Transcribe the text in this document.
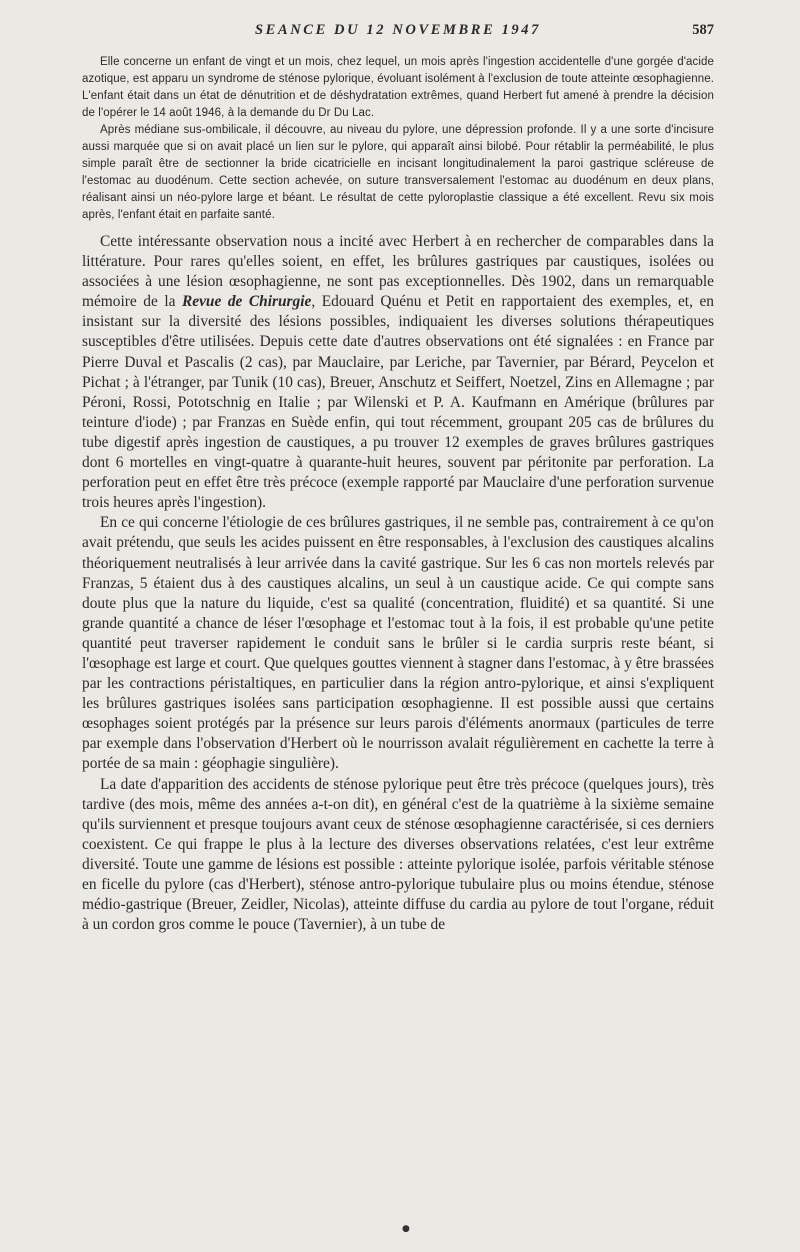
SEANCE DU 12 NOVEMBRE 1947	587

Elle concerne un enfant de vingt et un mois, chez lequel, un mois après l'ingestion accidentelle d'une gorgée d'acide azotique, est apparu un syndrome de sténose pylorique, évoluant isolément à l'exclusion de toute atteinte œsophagienne. L'enfant était dans un état de dénutrition et de déshydratation extrêmes, quand Herbert fut amené à prendre la décision de l'opérer le 14 août 1946, à la demande du Dr Du Lac.

Après médiane sus-ombilicale, il découvre, au niveau du pylore, une dépression profonde. Il y a une sorte d'incisure aussi marquée que si on avait placé un lien sur le pylore, qui apparaît ainsi bilobé. Pour rétablir la perméabilité, le plus simple paraît être de sectionner la bride cicatricielle en incisant longitudinalement la paroi gastrique scléreuse de l'estomac au duodénum. Cette section achevée, on suture transversalement l'estomac au duodénum en deux plans, réalisant ainsi un néo-pylore large et béant. Le résultat de cette pyloroplastie classique a été excellent. Revu six mois après, l'enfant était en parfaite santé.

Cette intéressante observation nous a incité avec Herbert à en rechercher de comparables dans la littérature. Pour rares qu'elles soient, en effet, les brûlures gastriques par caustiques, isolées ou associées à une lésion œsophagienne, ne sont pas exceptionnelles. Dès 1902, dans un remarquable mémoire de la Revue de Chirurgie, Edouard Quénu et Petit en rapportaient des exemples, et, en insistant sur la diversité des lésions possibles, indiquaient les diverses solutions thérapeutiques susceptibles d'être utilisées. Depuis cette date d'autres observations ont été signalées : en France par Pierre Duval et Pascalis (2 cas), par Mauclaire, par Leriche, par Tavernier, par Bérard, Peycelon et Pichat ; à l'étranger, par Tunik (10 cas), Breuer, Anschutz et Seiffert, Noetzel, Zins en Allemagne ; par Péroni, Rossi, Pototschnig en Italie ; par Wilenski et P. A. Kaufmann en Amérique (brûlures par teinture d'iode) ; par Franzas en Suède enfin, qui tout récemment, groupant 205 cas de brûlures du tube digestif après ingestion de caustiques, a pu trouver 12 exemples de graves brûlures gastriques dont 6 mortelles en vingt-quatre à quarante-huit heures, souvent par péritonite par perforation. La perforation peut en effet être très précoce (exemple rapporté par Mauclaire d'une perforation survenue trois heures après l'ingestion).

En ce qui concerne l'étiologie de ces brûlures gastriques, il ne semble pas, contrairement à ce qu'on avait prétendu, que seuls les acides puissent en être responsables, à l'exclusion des caustiques alcalins théoriquement neutralisés à leur arrivée dans la cavité gastrique. Sur les 6 cas non mortels relevés par Franzas, 5 étaient dus à des caustiques alcalins, un seul à un caustique acide. Ce qui compte sans doute plus que la nature du liquide, c'est sa qualité (concentration, fluidité) et sa quantité. Si une grande quantité a chance de léser l'œsophage et l'estomac tout à la fois, il est probable qu'une petite quantité peut traverser rapidement le conduit sans le brûler si le cardia surpris reste béant, si l'œsophage est large et court. Que quelques gouttes viennent à stagner dans l'estomac, à y être brassées par les contractions péristaltiques, en particulier dans la région antro-pylorique, et ainsi s'expliquent les brûlures gastriques isolées sans participation œsophagienne. Il est possible aussi que certains œsophages soient protégés par la présence sur leurs parois d'éléments anormaux (particules de terre par exemple dans l'observation d'Herbert où le nourrisson avalait régulièrement en cachette la terre à portée de sa main : géophagie singulière).

La date d'apparition des accidents de sténose pylorique peut être très précoce (quelques jours), très tardive (des mois, même des années a-t-on dit), en général c'est de la quatrième à la sixième semaine qu'ils surviennent et presque toujours avant ceux de sténose œsophagienne caractérisée, si ces derniers coexistent. Ce qui frappe le plus à la lecture des diverses observations relatées, c'est leur extrême diversité. Toute une gamme de lésions est possible : atteinte pylorique isolée, parfois véritable sténose en ficelle du pylore (cas d'Herbert), sténose antro-pylorique tubulaire plus ou moins étendue, sténose médio-gastrique (Breuer, Zeidler, Nicolas), atteinte diffuse du cardia au pylore de tout l'organe, réduit à un cordon gros comme le pouce (Tavernier), à un tube de

●
